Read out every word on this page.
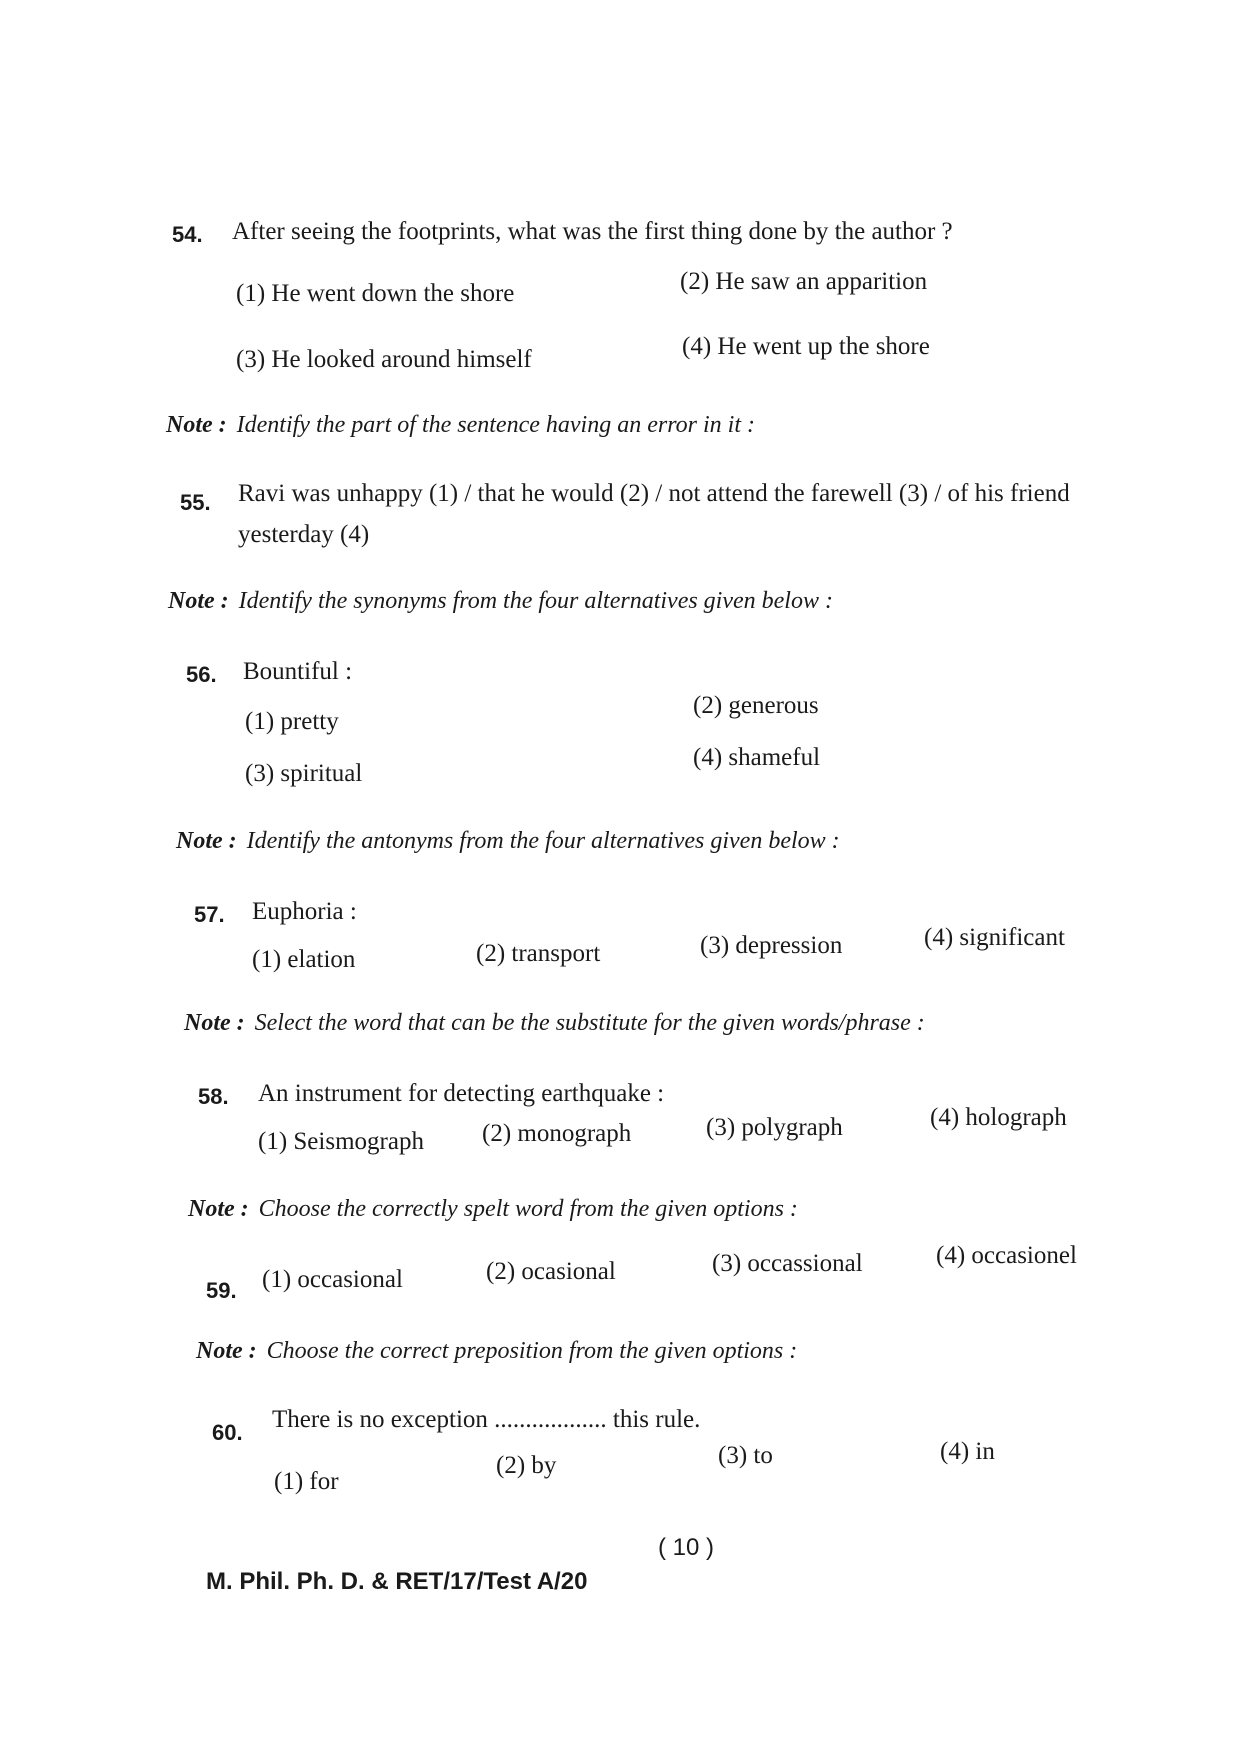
54. After seeing the footprints, what was the first thing done by the author ?
(1) He went down the shore	(2) He saw an apparition
(3) He looked around himself	(4) He went up the shore
Note : Identify the part of the sentence having an error in it :
55. Ravi was unhappy (1) / that he would (2) / not attend the farewell (3) / of his friend yesterday (4)
Note : Identify the synonyms from the four alternatives given below :
56. Bountiful :
(1) pretty
(2) generous
(3) spiritual
(4) shameful
Note : Identify the antonyms from the four alternatives given below :
57. Euphoria :
(1) elation	(2) transport	(3) depression	(4) significant
Note : Select the word that can be the substitute for the given words/phrase :
58. An instrument for detecting earthquake :
(1) Seismograph (2) monograph	(3) polygraph	(4) holograph
Note : Choose the correctly spelt word from the given options :
59. (1) occasional	(2) ocasional	(3) occassional	(4) occasionel
Note : Choose the correct preposition from the given options :
60. There is no exception .................. this rule.
(1) for
(2) by	(3) to	(4) in
M. Phil. Ph. D. & RET/17/Test A/20
( 10 )
